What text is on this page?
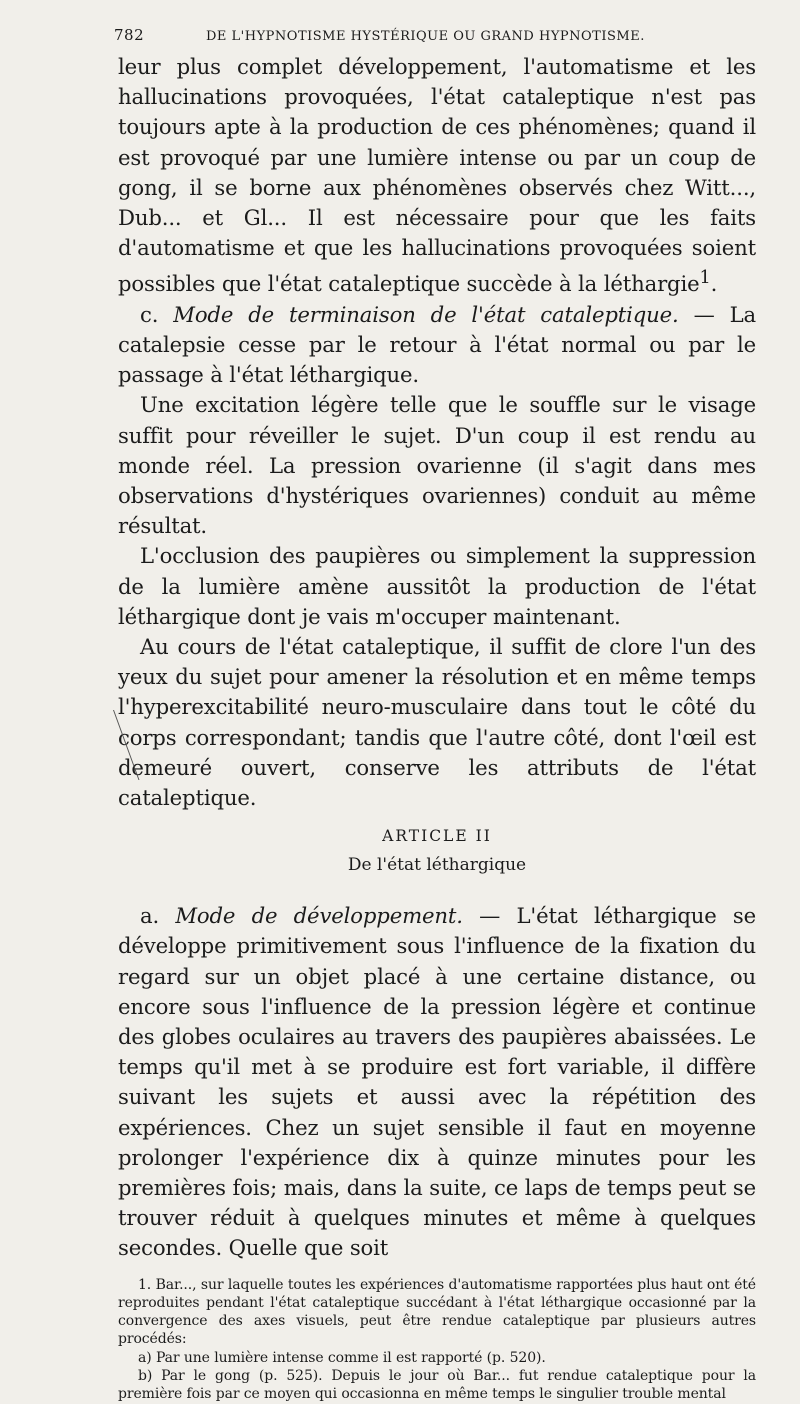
782	DE L'HYPNOTISME HYSTÉRIQUE OU GRAND HYPNOTISME.

leur plus complet développement, l'automatisme et les hallucinations provoquées, l'état cataleptique n'est pas toujours apte à la production de ces phénomènes; quand il est provoqué par une lumière intense ou par un coup de gong, il se borne aux phénomènes observés chez Witt..., Dub... et Gl... Il est nécessaire pour que les faits d'automatisme et que les hallucinations provoquées soient possibles que l'état cataleptique succède à la léthargie$^1$.

c. Mode de terminaison de l'état cataleptique. — La catalepsie cesse par le retour à l'état normal ou par le passage à l'état léthargique.

Une excitation légère telle que le souffle sur le visage suffit pour réveiller le sujet. D'un coup il est rendu au monde réel. La pression ovarienne (il s'agit dans mes observations d'hystériques ovariennes) conduit au même résultat.

L'occlusion des paupières ou simplement la suppression de la lumière amène aussitôt la production de l'état léthargique dont je vais m'occuper maintenant.

Au cours de l'état cataleptique, il suffit de clore l'un des yeux du sujet pour amener la résolution et en même temps l'hyperexcitabilité neuro-musculaire dans tout le côté du corps correspondant; tandis que l'autre côté, dont l'œil est demeuré ouvert, conserve les attributs de l'état cataleptique.

ARTICLE II
De l'état léthargique

a. Mode de développement. — L'état léthargique se développe primitivement sous l'influence de la fixation du regard sur un objet placé à une certaine distance, ou encore sous l'influence de la pression légère et continue des globes oculaires au travers des paupières abaissées. Le temps qu'il met à se produire est fort variable, il diffère suivant les sujets et aussi avec la répétition des expériences. Chez un sujet sensible il faut en moyenne prolonger l'expérience dix à quinze minutes pour les premières fois; mais, dans la suite, ce laps de temps peut se trouver réduit à quelques minutes et même à quelques secondes. Quelle que soit

1. Bar..., sur laquelle toutes les expériences d'automatisme rapportées plus haut ont été reproduites pendant l'état cataleptique succédant à l'état léthargique occasionné par la convergence des axes visuels, peut être rendue cataleptique par plusieurs autres procédés:

a) Par une lumière intense comme il est rapporté (p. 520).

b) Par le gong (p. 525). Depuis le jour où Bar... fut rendue cataleptique pour la première fois par ce moyen qui occasionna en même temps le singulier trouble mental
